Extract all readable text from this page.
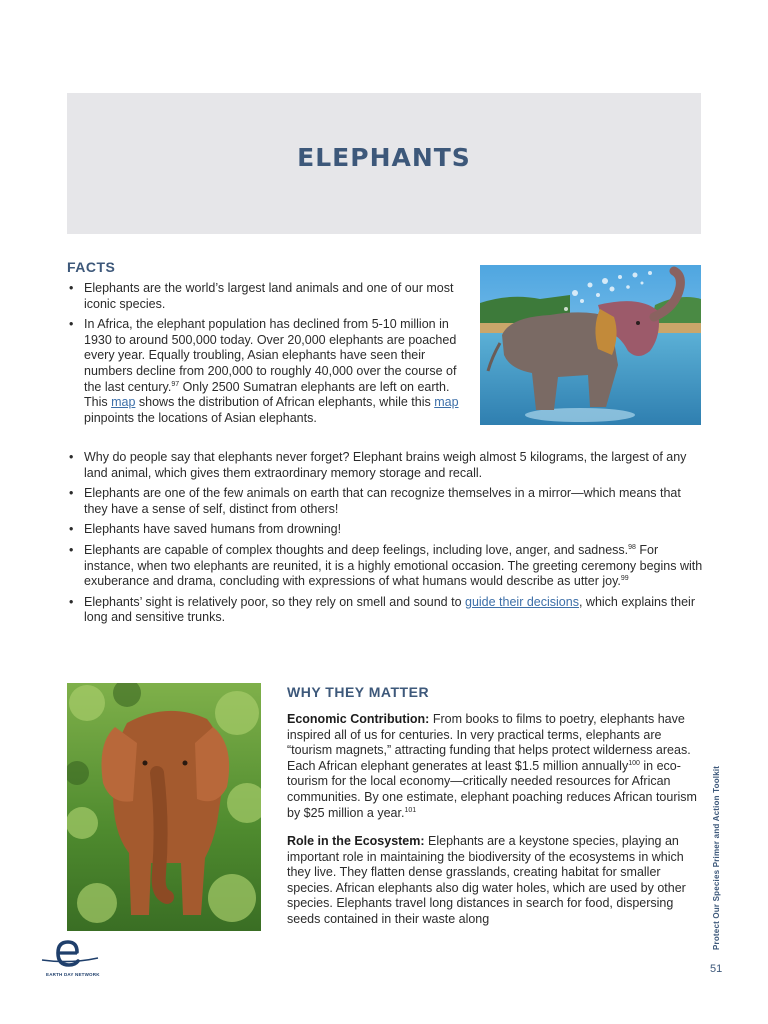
ELEPHANTS
FACTS
• Elephants are the world’s largest land animals and one of our most iconic species.
• In Africa, the elephant population has declined from 5-10 million in 1930 to around 500,000 today. Over 20,000 elephants are poached every year. Equally troubling, Asian elephants have seen their numbers decline from 200,000 to roughly 40,000 over the course of the last century.$^{97}$ Only 2500 Sumatran elephants are left on earth. This map shows the distribution of African elephants, while this map pinpoints the locations of Asian elephants.
• Why do people say that elephants never forget? Elephant brains weigh almost 5 kilograms, the largest of any land animal, which gives them extraordinary memory storage and recall.
• Elephants are one of the few animals on earth that can recognize themselves in a mirror—which means that they have a sense of self, distinct from others!
• Elephants have saved humans from drowning!
• Elephants are capable of complex thoughts and deep feelings, including love, anger, and sadness.$^{98}$ For instance, when two elephants are reunited, it is a highly emotional occasion. The greeting ceremony begins with exuberance and drama, concluding with expressions of what humans would describe as utter joy.$^{99}$
• Elephants’ sight is relatively poor, so they rely on smell and sound to guide their decisions, which explains their long and sensitive trunks.
WHY THEY MATTER

Economic Contribution: From books to films to poetry, elephants have inspired all of us for centuries. In very practical terms, elephants are “tourism magnets,” attracting funding that helps protect wilderness areas. Each African elephant generates at least $1.5 million annually$^{100}$ in eco-tourism for the local economy—critically needed resources for African communities. By one estimate, elephant poaching reduces African tourism by $25 million a year.$^{101}$

Role in the Ecosystem: Elephants are a keystone species, playing an important role in maintaining the biodiversity of the ecosystems in which they live. They flatten dense grasslands, creating habitat for smaller species. African elephants also dig water holes, which are used by other species. Elephants travel long distances in search for food, dispersing seeds contained in their waste along	Protect Our Species Primer and Action Toolkit
51
EARTH DAY NETWORK
